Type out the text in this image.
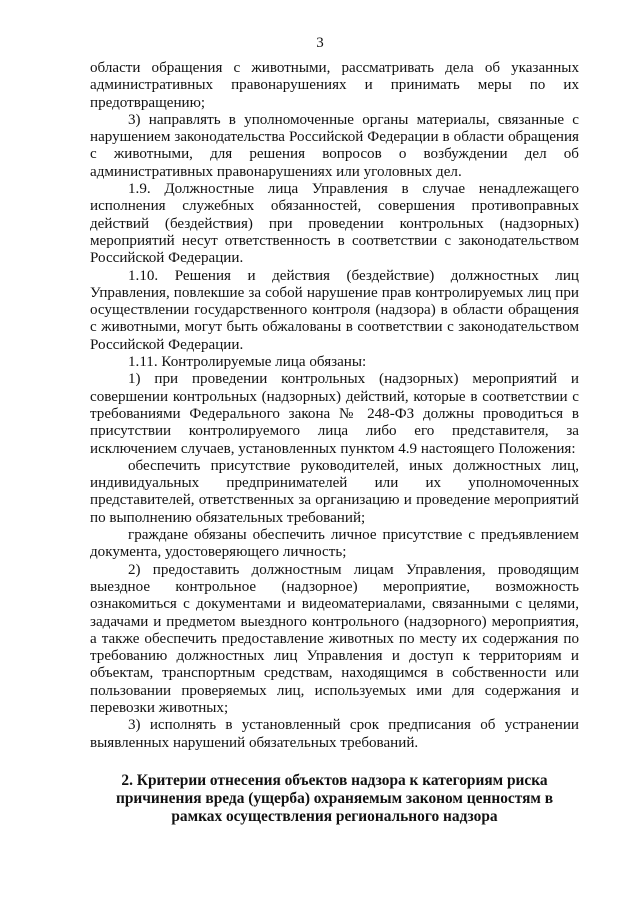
3

области обращения с животными, рассматривать дела об указанных административных правонарушениях и принимать меры по их предотвращению;

3) направлять в уполномоченные органы материалы, связанные с нарушением законодательства Российской Федерации в области обращения с животными, для решения вопросов о возбуждении дел об административных правонарушениях или уголовных дел.

1.9. Должностные лица Управления в случае ненадлежащего исполнения служебных обязанностей, совершения противоправных действий (бездействия) при проведении контрольных (надзорных) мероприятий несут ответственность в соответствии с законодательством Российской Федерации.

1.10. Решения и действия (бездействие) должностных лиц Управления, повлекшие за собой нарушение прав контролируемых лиц при осуществлении государственного контроля (надзора) в области обращения с животными, могут быть обжалованы в соответствии с законодательством Российской Федерации.

1.11. Контролируемые лица обязаны:

1) при проведении контрольных (надзорных) мероприятий и совершении контрольных (надзорных) действий, которые в соответствии с требованиями Федерального закона № 248-ФЗ должны проводиться в присутствии контролируемого лица либо его представителя, за исключением случаев, установленных пунктом 4.9 настоящего Положения:

обеспечить присутствие руководителей, иных должностных лиц, индивидуальных предпринимателей или их уполномоченных представителей, ответственных за организацию и проведение мероприятий по выполнению обязательных требований;

граждане обязаны обеспечить личное присутствие с предъявлением документа, удостоверяющего личность;

2) предоставить должностным лицам Управления, проводящим выездное контрольное (надзорное) мероприятие, возможность ознакомиться с документами и видеоматериалами, связанными с целями, задачами и предметом выездного контрольного (надзорного) мероприятия, а также обеспечить предоставление животных по месту их содержания по требованию должностных лиц Управления и доступ к территориям и объектам, транспортным средствам, находящимся в собственности или пользовании проверяемых лиц, используемых ими для содержания и перевозки животных;

3) исполнять в установленный срок предписания об устранении выявленных нарушений обязательных требований.

2. Критерии отнесения объектов надзора к категориям риска причинения вреда (ущерба) охраняемым законом ценностям в рамках осуществления регионального надзора
